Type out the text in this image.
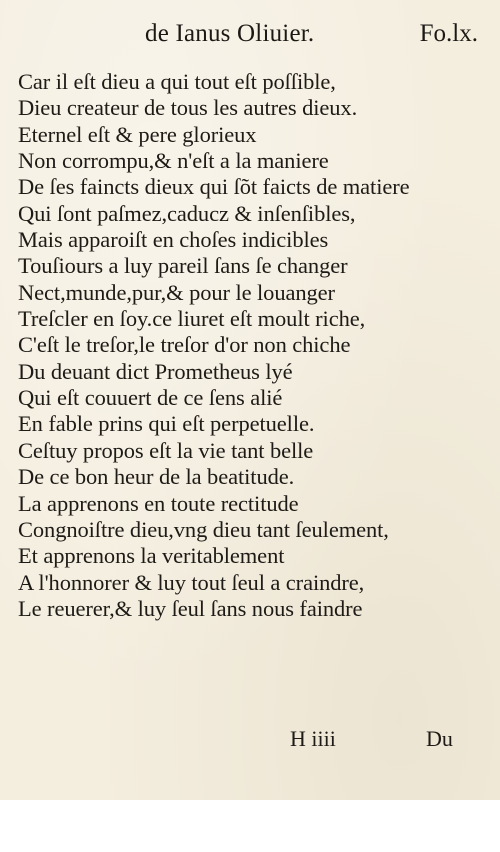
de Ianus Oliuier.	Fo.lx.
Car il eſt dieu a qui tout eſt poſſible,
Dieu createur de tous les autres dieux.
Eternel eſt & pere glorieux
Non corrompu,& n'eſt a la maniere
De ſes faincts dieux qui ſõt faicts de matiere
Qui ſont paſmez,caducz & inſenſibles,
Mais apparoiſt en choſes indicibles
Touſiours a luy pareil ſans ſe changer
Nect,munde,pur,& pour le louanger
Treſcler en ſoy.ce liuret eſt moult riche,
C'eſt le treſor,le treſor d'or non chiche
Du deuant dict Prometheus lyé
Qui eſt couuert de ce ſens alié
En fable prins qui eſt perpetuelle.
Ceſtuy propos eſt la vie tant belle
De ce bon heur de la beatitude.
La apprenons en toute rectitude
Congnoiſtre dieu,vng dieu tant ſeulement,
Et apprenons la veritablement
A l'honnorer & luy tout ſeul a craindre,
Le reuerer,& luy ſeul ſans nous faindre
H iiii	Du
